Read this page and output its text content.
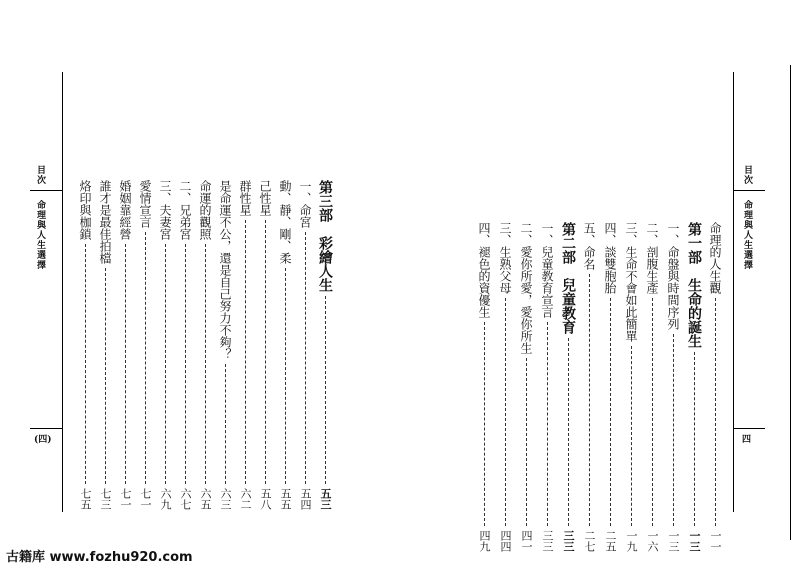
目次
命理與人生選擇
(四)
第三部　彩繪人生
五三
一、命宮
五四
動、靜、剛、柔
五五
己性星
五八
群性星
六二
是命運不公，還是自己努力不夠？
六三
命運的觀照
六五
二、兄弟宮
六七
三、夫妻宮
六九
愛情宣言
七一
婚姻靠經營
七一
誰才是最佳拍檔
七三
烙印與枷鎖
七五
目次
命理與人生選擇
四
命理的人生觀
一一
第一部　生命的誕生
一三
一、命盤與時間序列
一三
二、剖腹生產
一六
三、生命不會如此簡單
一九
四、談雙胞胎
二五
五、命名
二七
第二部　兒童教育
三三
一、兒童教育宣言
三三
二、愛你所愛，愛你所生
四一
三、生熟父母
四四
四、褪色的資優生
四九
古籍库 www.fozhu920.com
